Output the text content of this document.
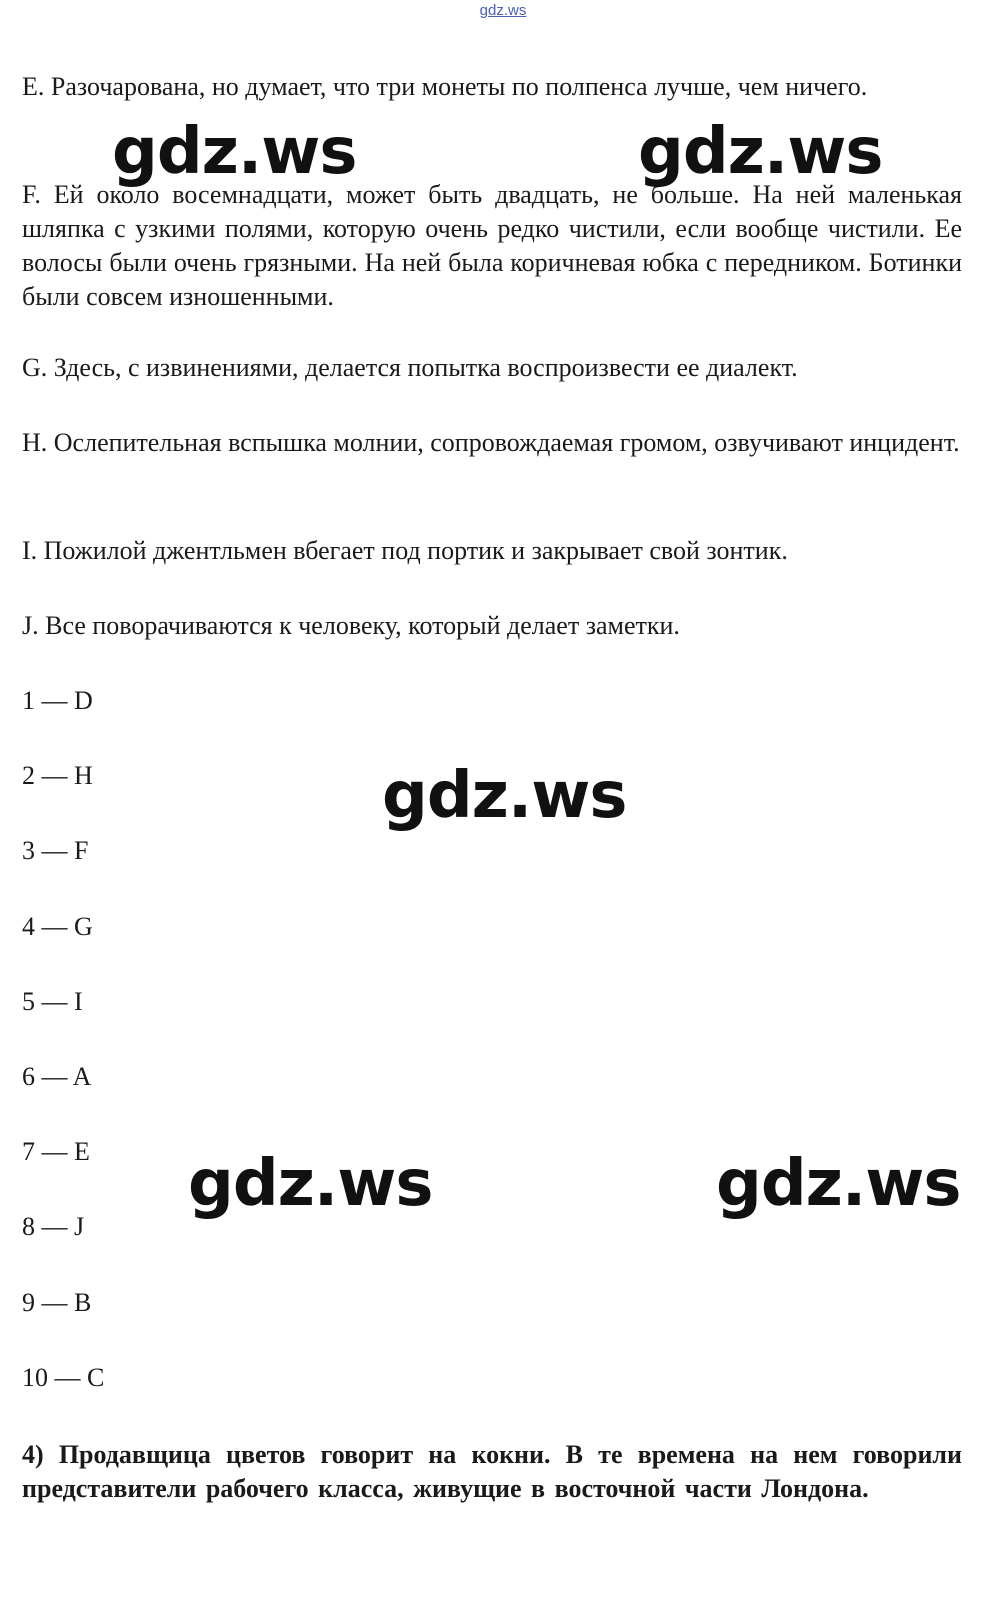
gdz.ws

E. Разочарована, но думает, что три монеты по полпенса лучше, чем ничего.

F. Ей около восемнадцати, может быть двадцать, не больше. На ней маленькая шляпка с узкими полями, которую очень редко чистили, если вообще чистили. Ее волосы были очень грязными. На ней была коричневая юбка с передником. Ботинки были совсем изношенными.

G. Здесь, с извинениями, делается попытка воспроизвести ее диалект.

H. Ослепительная вспышка молнии, сопровождаемая громом, озвучивают инцидент.

I. Пожилой джентльмен вбегает под портик и закрывает свой зонтик.

J. Все поворачиваются к человеку, который делает заметки.

1 — D

2 — H

3 — F

4 — G

5 — I

6 — A

7 — E

8 — J

9 — B

10 — C

4) Продавщица цветов говорит на кокни. В те времена на нем говорили представители рабочего класса, живущие в восточной части Лондона.

gdz.ws	gdz.ws
gdz.ws
gdz.ws	gdz.ws
